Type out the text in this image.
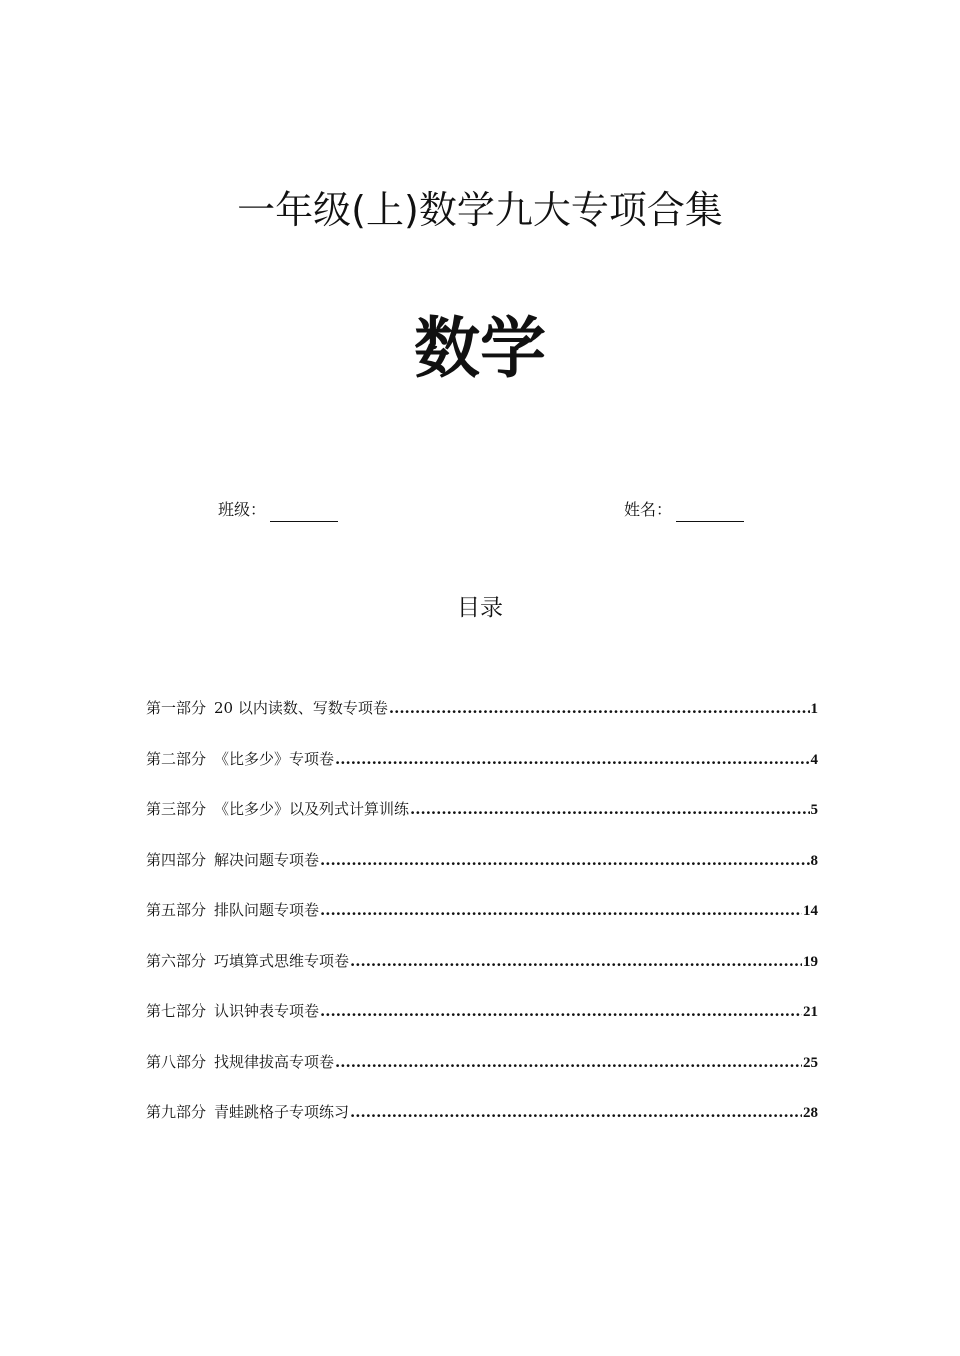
一年级(上)数学九大专项合集
数学
班级：	姓名：
目录
第一部分 20 以内读数、写数专项卷 .....	1
第二部分 《比多少》专项卷 .....	4
第三部分 《比多少》以及列式计算训练 .....	5
第四部分 解决问题专项卷 .....	8
第五部分 排队问题专项卷 .....	14
第六部分 巧填算式思维专项卷 .....	19
第七部分 认识钟表专项卷 .....	21
第八部分 找规律拔高专项卷 .....	25
第九部分 青蛙跳格子专项练习 .....	28
